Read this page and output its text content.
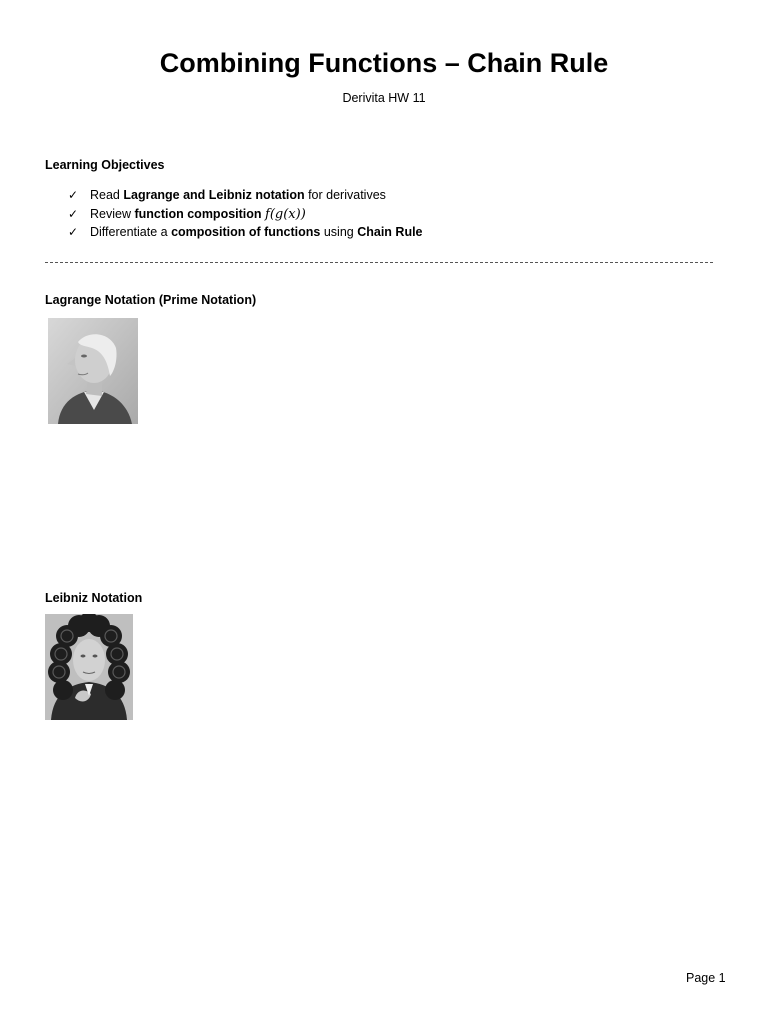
Combining Functions – Chain Rule
Derivita HW 11
Learning Objectives
✓ Read Lagrange and Leibniz notation for derivatives
✓ Review function composition f(g(x))
✓ Differentiate a composition of functions using Chain Rule
Lagrange Notation (Prime Notation)
Leibniz Notation
Page 1
